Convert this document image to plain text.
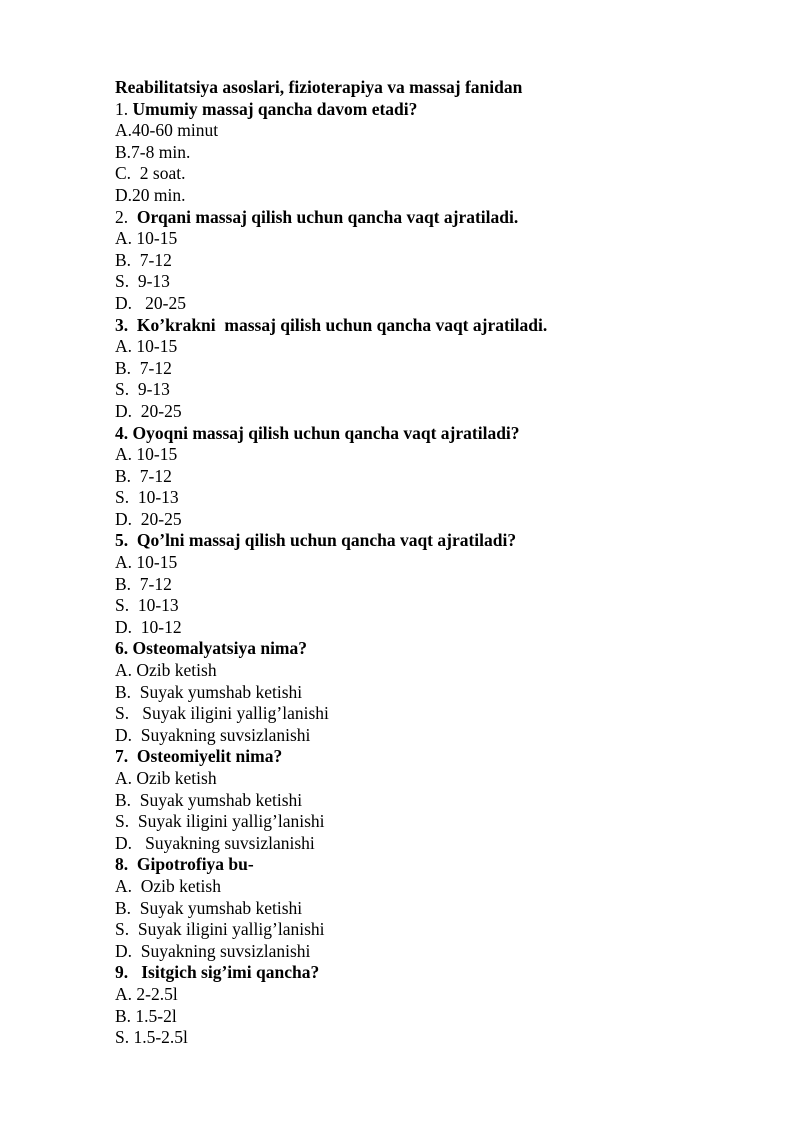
Reabilitatsiya asoslari, fizioterapiya va massaj fanidan
1. Umumiy massaj qancha davom etadi?
A.40-60 minut
B.7-8 min.
C.  2 soat.
D.20 min.
2.  Orqani massaj qilish uchun qancha vaqt ajratiladi.
A. 10-15
B.  7-12
S.  9-13
D.   20-25
3.  Ko’krakni  massaj qilish uchun qancha vaqt ajratiladi.
A. 10-15
B.  7-12
S.  9-13
D.  20-25
4. Oyoqni massaj qilish uchun qancha vaqt ajratiladi?
A. 10-15
B.  7-12
S.  10-13
D.  20-25
5.  Qo’lni massaj qilish uchun qancha vaqt ajratiladi?
A. 10-15
B.  7-12
S.  10-13
D.  10-12
6. Osteomalyatsiya nima?
A. Ozib ketish
B.  Suyak yumshab ketishi
S.   Suyak iligini yallig’lanishi
D.  Suyakning suvsizlanishi
7.  Osteomiyelit nima?
A. Ozib ketish
B.  Suyak yumshab ketishi
S.  Suyak iligini yallig’lanishi
D.   Suyakning suvsizlanishi
8.  Gipotrofiya bu-
A.  Ozib ketish
B.  Suyak yumshab ketishi
S.  Suyak iligini yallig’lanishi
D.  Suyakning suvsizlanishi
9.   Isitgich sig’imi qancha?
A. 2-2.5l
B. 1.5-2l
S. 1.5-2.5l
